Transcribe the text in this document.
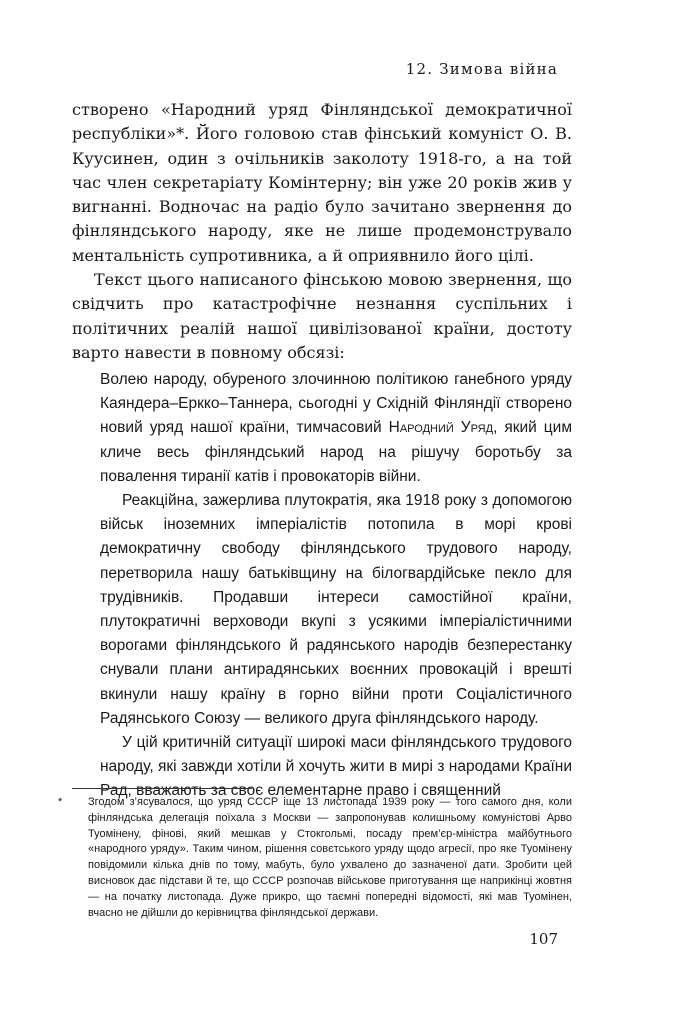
12. Зимова війна

створено «Народний уряд Фінляндської демократичної республіки»*. Його головою став фінський комуніст О. В. Куусинен, один з очільників заколоту 1918-го, а на той час член секретаріату Комінтерну; він уже 20 років жив у вигнанні. Водночас на радіо було зачитано звернення до фінляндського народу, яке не лише продемонструвало ментальність супротивника, а й оприявнило його цілі.

Текст цього написаного фінською мовою звернення, що свідчить про катастрофічне незнання суспільних і політичних реалій нашої цивілізованої країни, достоту варто навести в повному обсязі:

Волею народу, обуреного злочинною політикою ганебного уряду Каяндера–Еркко–Таннера, сьогодні у Східній Фінляндії створено новий уряд нашої країни, тимчасовий Народний Уряд, який цим кличе весь фінляндський народ на рішучу боротьбу за повалення тиранії катів і провокаторів війни.

Реакційна, зажерлива плутократія, яка 1918 року з допомогою військ іноземних імперіалістів потопила в морі крові демократичну свободу фінляндського трудового народу, перетворила нашу батьківщину на білогвардійське пекло для трудівників. Продавши інтереси самостійної країни, плутократичні верховоди вкупі з усякими імперіалістичними ворогами фінляндського й радянського народів безперестанку снували плани антирадянських воєнних провокацій і врешті вкинули нашу країну в горно війни проти Соціалістичного Радянського Союзу — великого друга фінляндського народу.

У цій критичній ситуації широкі маси фінляндського трудового народу, які завжди хотіли й хочуть жити в мирі з народами Країни Рад, вважають за своє елементарне право і священний

* Згодом з’ясувалося, що уряд СССР іще 13 листопада 1939 року — того самого дня, коли фінляндська делегація поїхала з Москви — запропонував колишньому комуністові Арво Туомінену, фінові, який мешкав у Стокгольмі, посаду прем’єр-міністра майбутнього «народного уряду». Таким чином, рішення совєтського уряду щодо агресії, про яке Туомінену повідомили кілька днів по тому, мабуть, було ухвалено до зазначеної дати. Зробити цей висновок дає підстави й те, що СССР розпочав військове приготування ще наприкінці жовтня — на початку листопада. Дуже прикро, що таємні попередні відомості, які мав Туомінен, вчасно не дійшли до керівництва фінляндської держави.
107
